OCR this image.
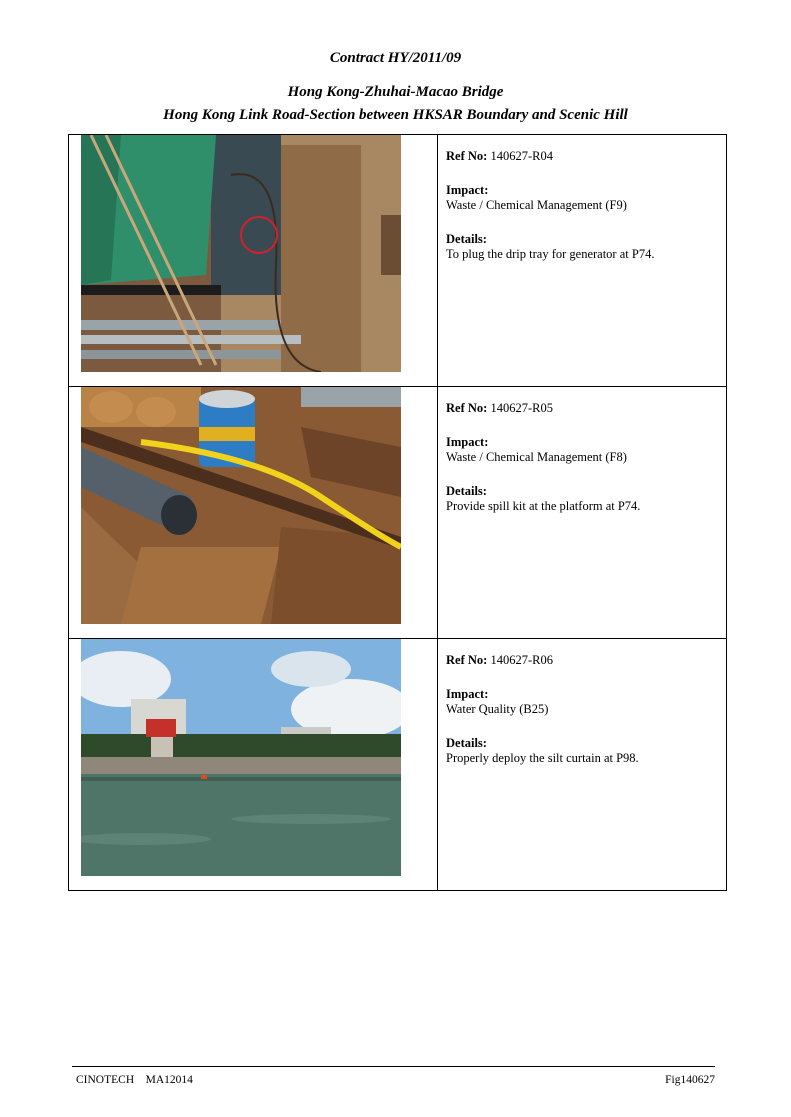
Contract HY/2011/09
Hong Kong-Zhuhai-Macao Bridge
Hong Kong Link Road-Section between HKSAR Boundary and Scenic Hill

Ref No: 140627-R04
Impact:
Waste / Chemical Management (F9)
Details:
To plug the drip tray for generator at P74.

Ref No: 140627-R05
Impact:
Waste / Chemical Management (F8)
Details:
Provide spill kit at the platform at P74.

Ref No: 140627-R06
Impact:
Water Quality (B25)
Details:
Properly deploy the silt curtain at P98.
CINOTECH    MA12014	Fig140627
